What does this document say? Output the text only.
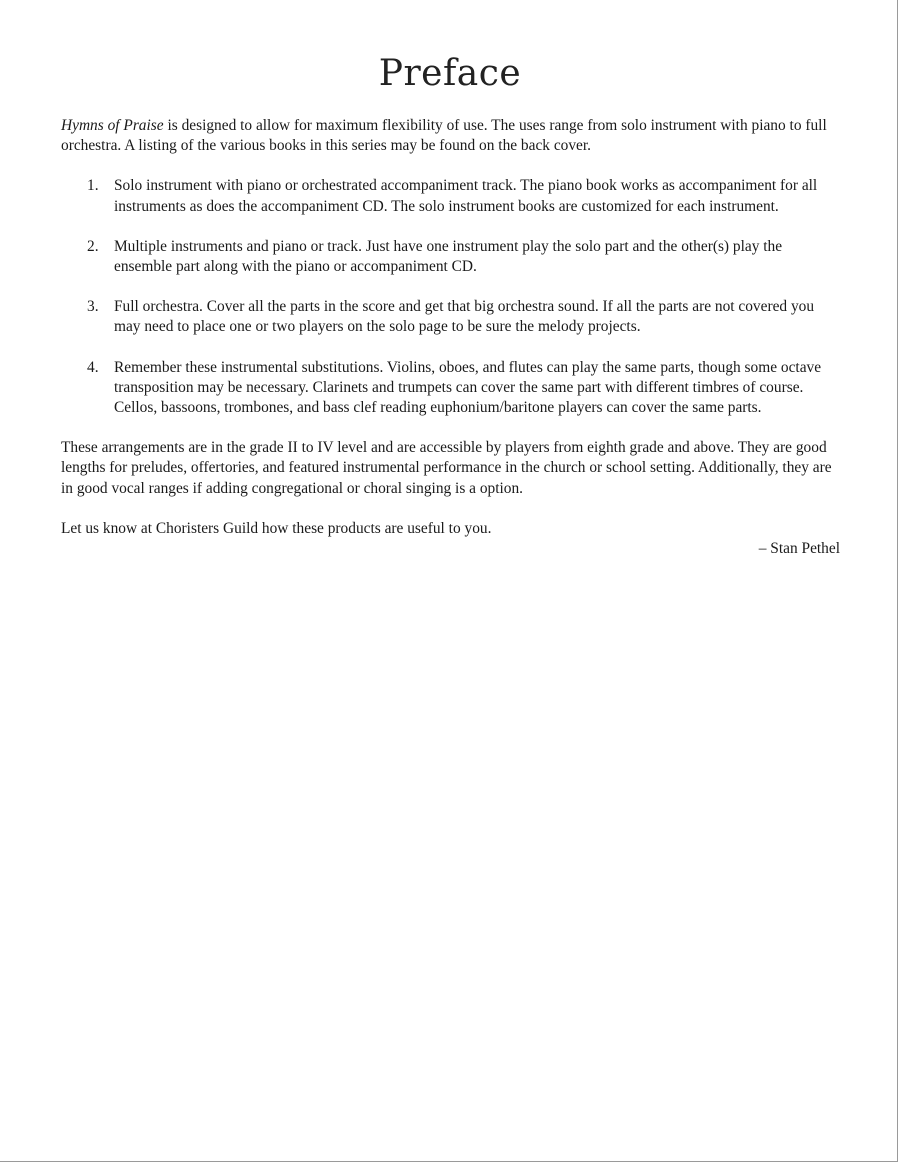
Preface

Hymns of Praise is designed to allow for maximum flexibility of use. The uses range from solo instrument with piano to full orchestra. A listing of the various books in this series may be found on the back cover.

1. Solo instrument with piano or orchestrated accompaniment track. The piano book works as accompaniment for all instruments as does the accompaniment CD. The solo instrument books are customized for each instrument.
2. Multiple instruments and piano or track. Just have one instrument play the solo part and the other(s) play the ensemble part along with the piano or accompaniment CD.
3. Full orchestra. Cover all the parts in the score and get that big orchestra sound. If all the parts are not covered you may need to place one or two players on the solo page to be sure the melody projects.
4. Remember these instrumental substitutions. Violins, oboes, and flutes can play the same parts, though some octave transposition may be necessary. Clarinets and trumpets can cover the same part with different timbres of course. Cellos, bassoons, trombones, and bass clef reading euphonium/baritone players can cover the same parts.

These arrangements are in the grade II to IV level and are accessible by players from eighth grade and above. They are good lengths for preludes, offertories, and featured instrumental performance in the church or school setting. Additionally, they are in good vocal ranges if adding congregational or choral singing is a option.

Let us know at Choristers Guild how these products are useful to you.

– Stan Pethel
